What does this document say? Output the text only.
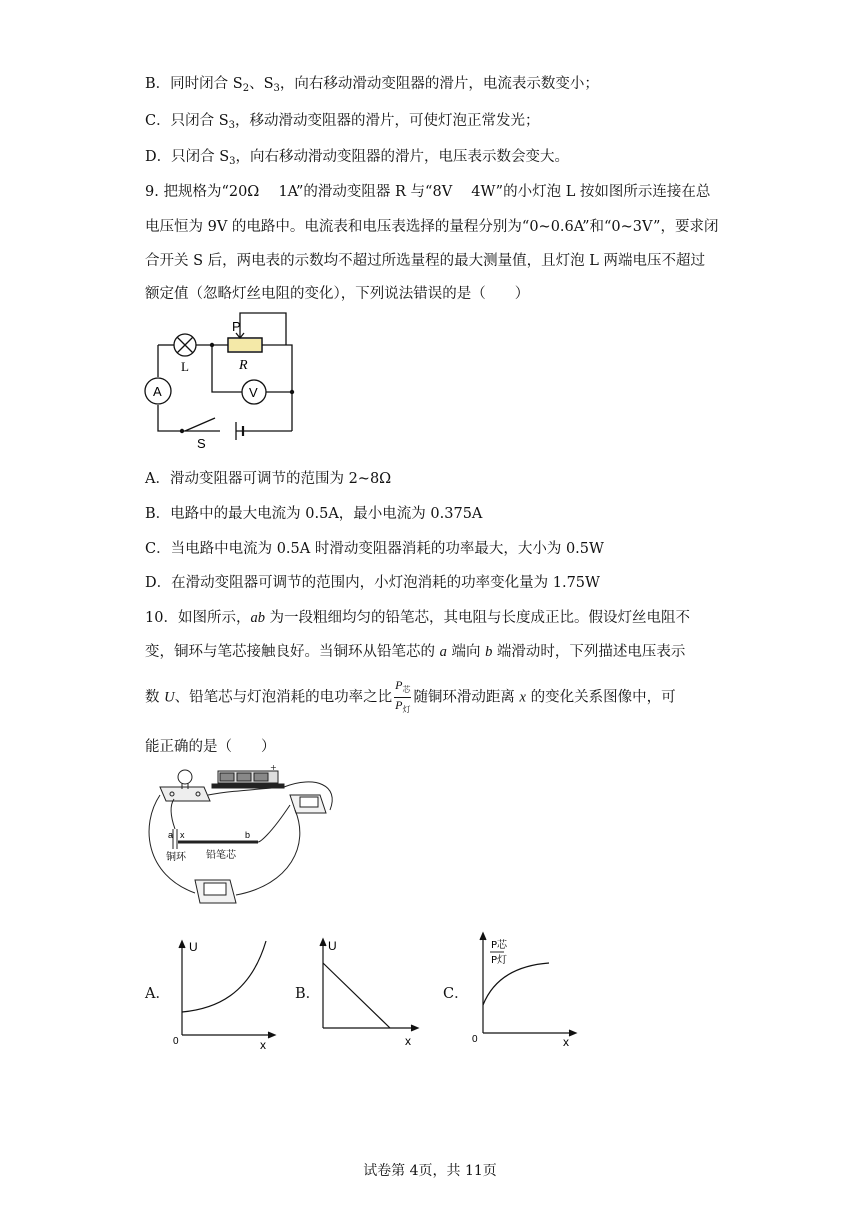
B．同时闭合 $S_2$、$S_3$，向右移动滑动变阻器的滑片，电流表示数变小；
C．只闭合 $S_3$，移动滑动变阻器的滑片，可使灯泡正常发光；
D．只闭合 $S_3$，向右移动滑动变阻器的滑片，电压表示数会变大。
9. 把规格为“20Ω　 1A”的滑动变阻器 R 与“8V　 4W”的小灯泡 L 按如图所示连接在总
电压恒为 9V 的电路中。电流表和电压表选择的量程分别为“0~0.6A”和“0~3V”，要求闭
合开关 S 后，两电表的示数均不超过所选量程的最大测量值，且灯泡 L 两端电压不超过
额定值（忽略灯丝电阻的变化），下列说法错误的是（　　）
P
L	R
A	V
S
A．滑动变阻器可调节的范围为 2~8Ω
B．电路中的最大电流为 0.5A，最小电流为 0.375A
C．当电路中电流为 0.5A 时滑动变阻器消耗的功率最大，大小为 0.5W
D．在滑动变阻器可调节的范围内，小灯泡消耗的功率变化量为 1.75W
10．如图所示，ab 为一段粗细均匀的铅笔芯，其电阻与长度成正比。假设灯丝电阻不
变，铜环与笔芯接触良好。当铜环从铅笔芯的 a 端向 b 端滑动时，下列描述电压表示
数 U、铅笔芯与灯泡消耗的电功率之比 $\frac{P_芯}{P_灯}$ 随铜环滑动距离 x 的变化关系图像中，可
能正确的是（　　）
+
a x	b
铜环 铅笔芯
A．
U
x
0
B．
U
x
C．
P芯
P灯
x
0
试卷第 4页，共 11页
